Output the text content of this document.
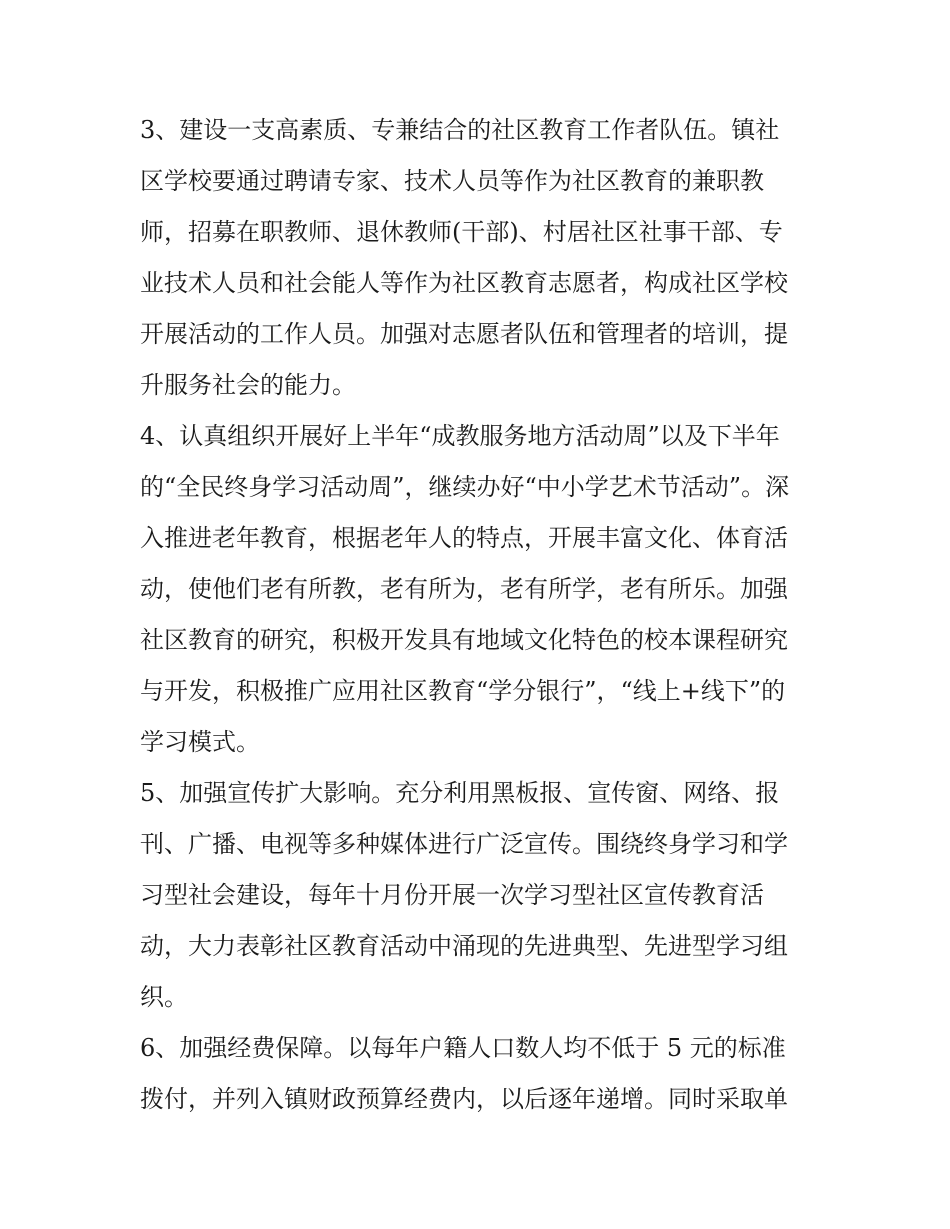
3、建设一支高素质、专兼结合的社区教育工作者队伍。镇社
区学校要通过聘请专家、技术人员等作为社区教育的兼职教
师，招募在职教师、退休教师(干部)、村居社区社事干部、专
业技术人员和社会能人等作为社区教育志愿者，构成社区学校
开展活动的工作人员。加强对志愿者队伍和管理者的培训，提
升服务社会的能力。

4、认真组织开展好上半年“成教服务地方活动周”以及下半年
的“全民终身学习活动周”，继续办好“中小学艺术节活动”。深
入推进老年教育，根据老年人的特点，开展丰富文化、体育活
动，使他们老有所教，老有所为，老有所学，老有所乐。加强
社区教育的研究，积极开发具有地域文化特色的校本课程研究
与开发，积极推广应用社区教育“学分银行”，“线上+线下”的
学习模式。

5、加强宣传扩大影响。充分利用黑板报、宣传窗、网络、报
刊、广播、电视等多种媒体进行广泛宣传。围绕终身学习和学
习型社会建设，每年十月份开展一次学习型社区宣传教育活
动，大力表彰社区教育活动中涌现的先进典型、先进型学习组
织。

6、加强经费保障。以每年户籍人口数人均不低于 5 元的标准
拨付，并列入镇财政预算经费内，以后逐年递增。同时采取单
